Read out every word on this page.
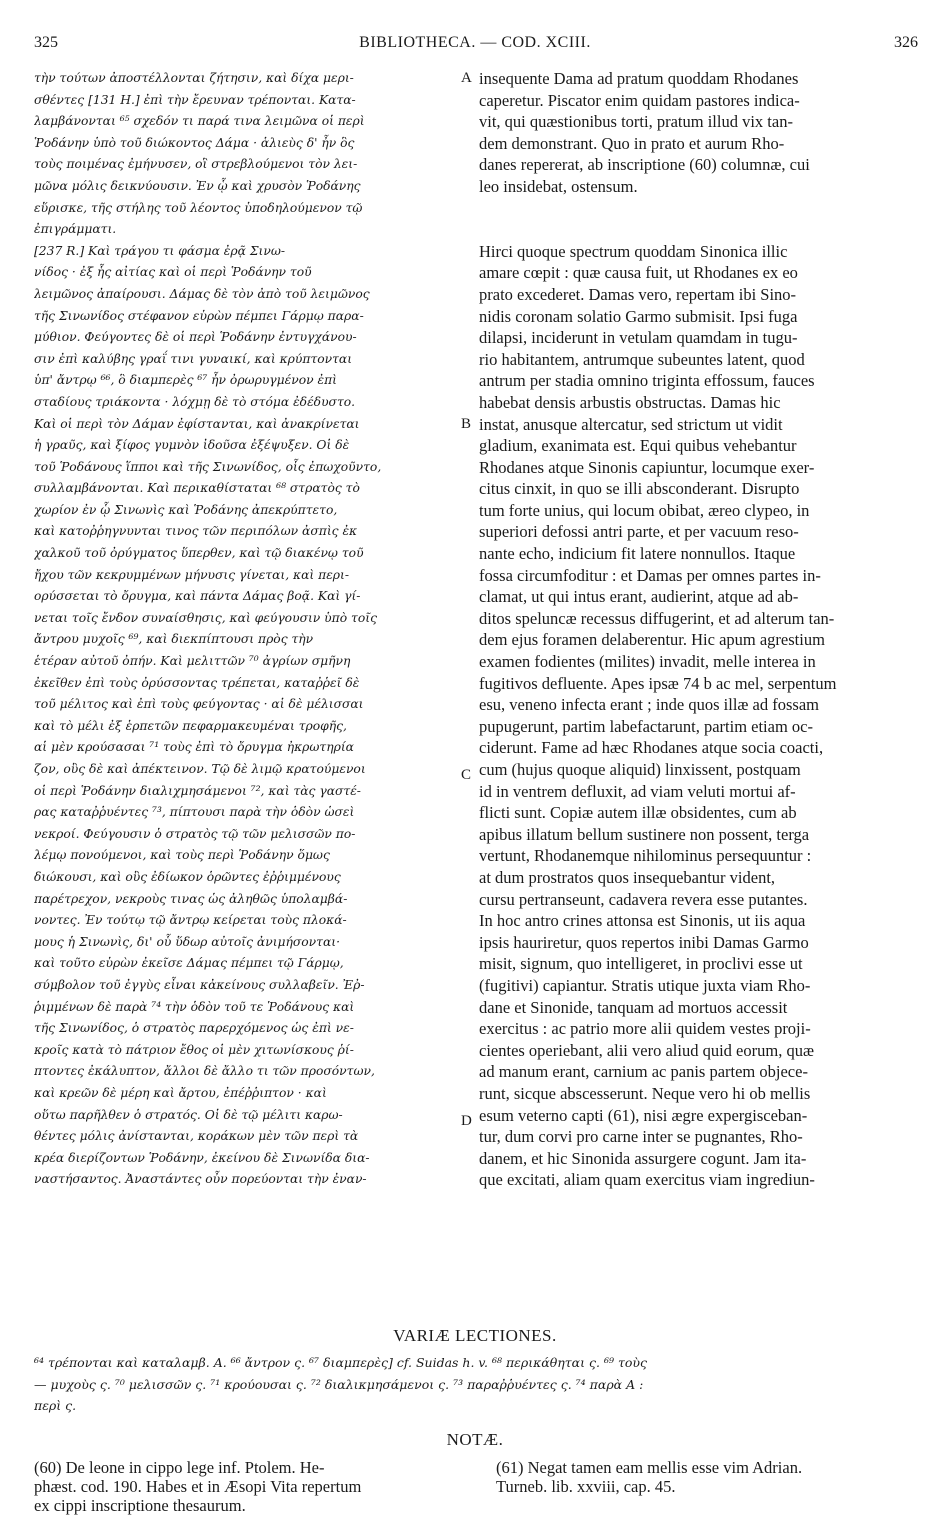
325	BIBLIOTHECA. — COD. XCIII.	326
τὴν τούτων ἀποστέλλονται ζήτησιν, καὶ δίχα μερι-
σθέντες [131 Η.] ἐπὶ τὴν ἔρευναν τρέπονται. Κατα-
λαμβάνονται ⁶⁵ σχεδόν τι παρά τινα λειμῶνα οἱ περὶ
Ῥοδάνην ὑπὸ τοῦ διώκοντος Δάμα · ἁλιεὺς δ' ἦν ὃς
τοὺς ποιμένας ἐμήνυσεν, οἳ στρεβλούμενοι τὸν λει-
μῶνα μόλις δεικνύουσιν. Ἐν ᾧ καὶ χρυσὸν Ῥοδάνης
εὕρισκε, τῆς στήλης τοῦ λέοντος ὑποδηλούμενον τῷ
ἐπιγράμματι.
[237 R.] Καὶ τράγου τι φάσμα ἐρᾷ Σινω-
νίδος · ἐξ ἧς αἰτίας καὶ οἱ περὶ Ῥοδάνην τοῦ
λειμῶνος ἀπαίρουσι. Δάμας δὲ τὸν ἀπὸ τοῦ λειμῶνος
τῆς Σινωνίδος στέφανον εὑρὼν πέμπει Γάρμῳ παρα-
μύθιον. Φεύγοντες δὲ οἱ περὶ Ῥοδάνην ἐντυγχάνου-
σιν ἐπὶ καλύβης γραΐ τινι γυναικί, καὶ κρύπτονται
ὑπ' ἄντρῳ ⁶⁶, ὃ διαμπερὲς ⁶⁷ ἦν ὀρωρυγμένον ἐπὶ
σταδίους τριάκοντα · λόχμῃ δὲ τὸ στόμα ἐδέδυστο.
Καὶ οἱ περὶ τὸν Δάμαν ἐφίστανται, καὶ ἀνακρίνεται
ἡ γραῦς, καὶ ξίφος γυμνὸν ἰδοῦσα ἐξέψυξεν. Οἱ δὲ
τοῦ Ῥοδάνους ἵπποι καὶ τῆς Σινωνίδος, οἷς ἐπωχοῦντο,
συλλαμβάνονται. Καὶ περικαθίσταται ⁶⁸ στρατὸς τὸ
χωρίον ἐν ᾧ Σινωνὶς καὶ Ῥοδάνης ἀπεκρύπτετο,
καὶ κατοῤῥηγνυνται τινος τῶν περιπόλων ἀσπὶς ἐκ
χαλκοῦ τοῦ ὀρύγματος ὕπερθεν, καὶ τῷ διακένῳ τοῦ
ἤχου τῶν κεκρυμμένων μήνυσις γίνεται, καὶ περι-
ορύσσεται τὸ ὄρυγμα, καὶ πάντα Δάμας βοᾷ. Καὶ γί-
νεται τοῖς ἔνδον συναίσθησις, καὶ φεύγουσιν ὑπὸ τοῖς
ἄντρου μυχοῖς ⁶⁹, καὶ διεκπίπτουσι πρὸς τὴν
ἑτέραν αὐτοῦ ὀπήν. Καὶ μελιττῶν ⁷⁰ ἀγρίων σμῆνη
ἐκεῖθεν ἐπὶ τοὺς ὀρύσσοντας τρέπεται, καταῤῥεῖ δὲ
τοῦ μέλιτος καὶ ἐπὶ τοὺς φεύγοντας · αἱ δὲ μέλισσαι
καὶ τὸ μέλι ἐξ ἑρπετῶν πεφαρμακευμέναι τροφῆς,
αἱ μὲν κρούσασαι ⁷¹ τοὺς ἐπὶ τὸ ὄρυγμα ἠκρωτηρία
ζον, οὓς δὲ καὶ ἀπέκτεινον. Τῷ δὲ λιμῷ κρατούμενοι
οἱ περὶ Ῥοδάνην διαλιχμησάμενοι ⁷², καὶ τὰς γαστέ-
ρας καταῤῥυέντες ⁷³, πίπτουσι παρὰ τὴν ὁδὸν ὡσεὶ
νεκροί. Φεύγουσιν ὁ στρατὸς τῷ τῶν μελισσῶν πο-
λέμῳ πονούμενοι, καὶ τοὺς περὶ Ῥοδάνην ὅμως
διώκουσι, καὶ οὓς ἐδίωκον ὁρῶντες ἐῤῥιμμένους
παρέτρεχον, νεκροὺς τινας ὡς ἀληθῶς ὑπολαμβά-
νοντες. Ἐν τούτῳ τῷ ἄντρῳ κείρεται τοὺς πλοκά-
μους ἡ Σινωνὶς, δι' οὗ ὕδωρ αὐτοῖς ἀνιμήσονται·
καὶ τοῦτο εὑρὼν ἐκεῖσε Δάμας πέμπει τῷ Γάρμῳ,
σύμβολον τοῦ ἐγγὺς εἶναι κἀκείνους συλλαβεῖν. Ἐῤ-
ῥιμμένων δὲ παρὰ ⁷⁴ τὴν ὁδὸν τοῦ τε Ῥοδάνους καὶ
τῆς Σινωνίδος, ὁ στρατὸς παρερχόμενος ὡς ἐπὶ νε-
κροῖς κατὰ τὸ πάτριον ἔθος οἱ μὲν χιτωνίσκους ῥί-
πτοντες ἐκάλυπτον, ἄλλοι δὲ ἄλλο τι τῶν προσόντων,
καὶ κρεῶν δὲ μέρη καὶ ἄρτου, ἐπέῤῥιπτον · καὶ
οὕτω παρῆλθεν ὁ στρατός. Οἱ δὲ τῷ μέλιτι καρω-
θέντες μόλις ἀνίστανται, κοράκων μὲν τῶν περὶ τὰ
κρέα διερίζοντων Ῥοδάνην, ἐκείνου δὲ Σινωνίδα δια-
ναστήσαντος. Ἀναστάντες οὖν πορεύονται τὴν ἐναν-
insequente Dama ad pratum quoddam Rhodanes
caperetur. Piscator enim quidam pastores indica-
vit, qui quæstionibus torti, pratum illud vix tan-
dem demonstrant. Quo in prato et aurum Rho-
danes repererat, ab inscriptione (60) columnæ, cui
leo insidebat, ostensum.
Hirci quoque spectrum quoddam Sinonica illic
amare cœpit : quæ causa fuit, ut Rhodanes ex eo
prato excederet. Damas vero, repertam ibi Sino-
nidis coronam solatio Garmo submisit. Ipsi fuga
dilapsi, inciderunt in vetulam quamdam in tugu-
rio habitantem, antrumque subeuntes latent, quod
antrum per stadia omnino triginta effossum, fauces
habebat densis arbustis obstructas. Damas hic
instat, anusque altercatur, sed strictum ut vidit
gladium, exanimata est. Equi quibus vehebantur
Rhodanes atque Sinonis capiuntur, locumque exer-
citus cinxit, in quo se illi absconderant. Disrupto
tum forte unius, qui locum obibat, æreo clypeo, in
superiori defossi antri parte, et per vacuum reso-
nante echo, indicium fit latere nonnullos. Itaque
fossa circumfoditur : et Damas per omnes partes in-
clamat, ut qui intus erant, audierint, atque ad ab-
ditos speluncæ recessus diffugerint, et ad alterum tan-
dem ejus foramen delaberentur. Hic apum agrestium
examen fodientes (milites) invadit, melle interea in
fugitivos defluente. Apes ipsæ 74 b ac mel, serpentum
esu, veneno infecta erant ; inde quos illæ ad fossam
pupugerunt, partim labefactarunt, partim etiam oc-
ciderunt. Fame ad hæc Rhodanes atque socia coacti,
cum (hujus quoque aliquid) linxissent, postquam
id in ventrem defluxit, ad viam veluti mortui af-
flicti sunt. Copiæ autem illæ obsidentes, cum ab
apibus illatum bellum sustinere non possent, terga
vertunt, Rhodanemque nihilominus persequuntur :
at dum prostratos quos insequebantur vident,
cursu pertranseunt, cadavera revera esse putantes.
In hoc antro crines attonsa est Sinonis, ut iis aqua
ipsis hauriretur, quos repertos inibi Damas Garmo
misit, signum, quo intelligeret, in proclivi esse ut
(fugitivi) capiantur. Stratis utique juxta viam Rho-
dane et Sinonide, tanquam ad mortuos accessit
exercitus : ac patrio more alii quidem vestes proji-
cientes operiebant, alii vero aliud quid eorum, quæ
ad manum erant, carnium ac panis partem objece-
runt, sicque abscesserunt. Neque vero hi ob mellis
esum veterno capti (61), nisi ægre expergisceban-
tur, dum corvi pro carne inter se pugnantes, Rho-
danem, et hic Sinonida assurgere cogunt. Jam ita-
que excitati, aliam quam exercitus viam ingrediun-
A
B
C
D
VARIÆ LECTIONES.
⁶⁴ τρέπονται καὶ καταλαμβ. A. ⁶⁶ ἄντρον ς. ⁶⁷ διαμπερὲς] cf. Suidas h. v. ⁶⁸ περικάθηται ς. ⁶⁹ τοὺς
— μυχοὺς ς. ⁷⁰ μελισσῶν ς. ⁷¹ κρούουσαι ς. ⁷² διαλικμησάμενοι ς. ⁷³ παραῤῥυέντες ς. ⁷⁴ παρὰ A :
περὶ ς.
NOTÆ.
(60) De leone in cippo lege inf. Ptolem. He-
phæst. cod. 190. Habes et in Æsopi Vita repertum
ex cippi inscriptione thesaurum.
(61) Negat tamen eam mellis esse vim Adrian.
Turneb. lib. xxviii, cap. 45.
